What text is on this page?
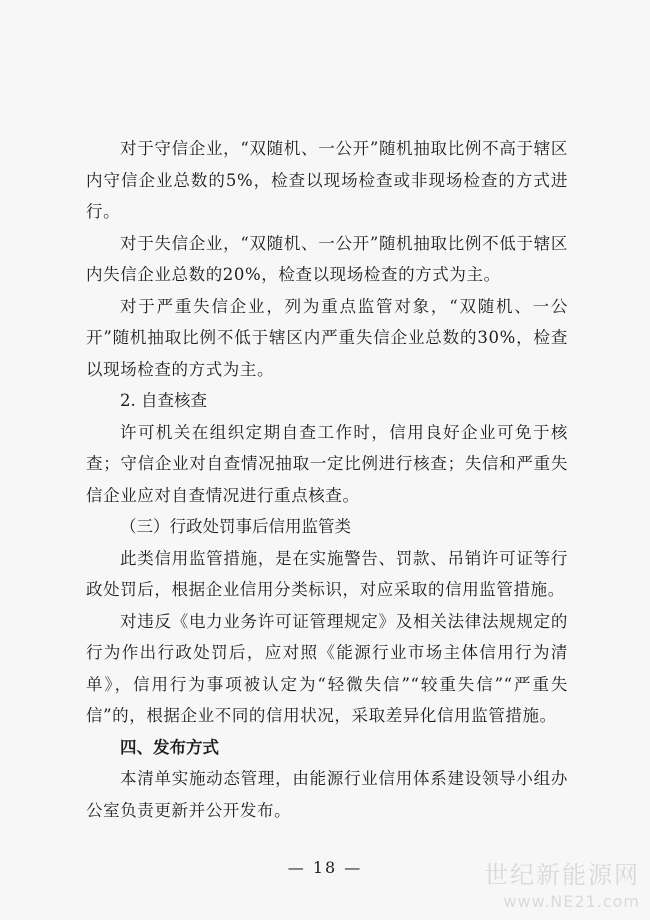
对于守信企业，“双随机、一公开”随机抽取比例不高于辖区内守信企业总数的5%，检查以现场检查或非现场检查的方式进行。

对于失信企业，“双随机、一公开”随机抽取比例不低于辖区内失信企业总数的20%，检查以现场检查的方式为主。

对于严重失信企业，列为重点监管对象，“双随机、一公开”随机抽取比例不低于辖区内严重失信企业总数的30%，检查以现场检查的方式为主。

2. 自查核查

许可机关在组织定期自查工作时，信用良好企业可免于核查；守信企业对自查情况抽取一定比例进行核查；失信和严重失信企业应对自查情况进行重点核查。

（三）行政处罚事后信用监管类

此类信用监管措施，是在实施警告、罚款、吊销许可证等行政处罚后，根据企业信用分类标识，对应采取的信用监管措施。

对违反《电力业务许可证管理规定》及相关法律法规规定的行为作出行政处罚后，应对照《能源行业市场主体信用行为清单》，信用行为事项被认定为“轻微失信”“较重失信”“严重失信”的，根据企业不同的信用状况，采取差异化信用监管措施。

四、发布方式

本清单实施动态管理，由能源行业信用体系建设领导小组办公室负责更新并公开发布。

— 18 —	世纪新能源网
www.NE21.com
